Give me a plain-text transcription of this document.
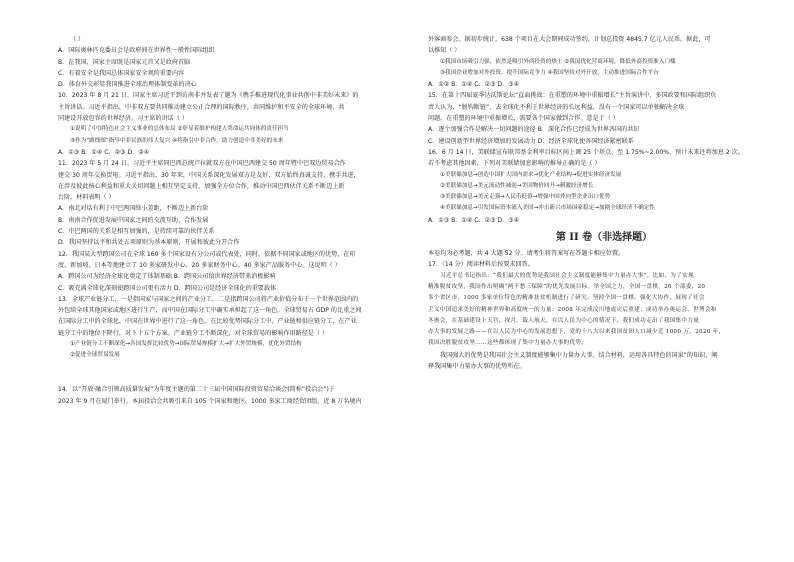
（ ）
A．国际奥林匹克委员会是政府间在世界性一般性国际组织
B．在我国，国家主席既是国家元首又是政府首脑
C．有着安全是我国总体国家安全观的重要内容
D．体育外交彰显我国推进全球治理体制变革的决心
10．2023 年 8 月 21 日，国家主席习近平到访南非并发表了题为《携手推进现代化事业共创中非美好未来》的
主旨讲话。习近平指出，中非双方要共同推动建立公正合理的国际秩序，共同维护和平安全的全球环境，共
同建设开放包容的世界经济。习主席的讲话（ ）
①说明了中国特色社会主义事业的总体布局 ②彰显着维护构建人类命运共同体的责任担当
③作为“路线图”指导中非民族的伟大复兴 ④将指引中非合作，助力创造中非美好的未来
A．①③ B．①④ C．②③ D．②④
11．2023 年 5 月 24 日，习近平主席同巴西总统卢拉就双方在中国巴西建交 50 周年暨中巴双边贸易合作
建交 30 周年交换贺电。习近平指出，30 年来，中国关系深化发展双方是友好，双方始终真诚支持，携手共进，
在涉及彼此核心利益和重大关切问题上相互坚定支持，加强全方位合作，推动中国巴西伙伴关系不断迈上新
台阶。材料表明（ ）
A．南北对话有利于中巴两国缔小差距，不断迈上新台阶
B．南南合作促进发展中国家之间的交流互助、合作发展
C．中巴两国的关系是相互加强的，是持续可靠的伙伴关系
D．我国坚持以平和共处五项原则为基本原则，开展和彼此分开合作
12．我国某大型跨国公司在全球 160 多个国家设有分公司或代表处，同时，依据不同国家或地区的优势，在印
度、新加坡、日本等地建立了 10 多家研发中心、20 多家财务中心、40 多家产品服务中心。这说明（ ）
A．跨国公司为经济全球化奠定了体制基础 B．跨国公司给世界经济带来消极影响
C．吸充满全球化深刻使跨国公司更有活力 D．跨国公司是经济全球化的重要载体
13．全球产业链分工，一是指国家与国家之间的产业分工，二是指跨国公司将产业价值分布于一个世界范围内的
外包给全球其他国家或地区进行生产，而中国在国际分工中确实承担起了这一角色。全球贸易占 GDP 的比重之间
在国际分工中的全球化，中国在世界中进行了这一角色。在比较优势国际分工中，产业链和供应链分工，在产业
链分工中的地位下降行，对下十五个方案。产业链分工不断深化，对全球贸易的影响作用路径是（ ）
①产业链分工不断深化→各国发挥比较优势→国际贸易规模扩大→扩大外贸规模，优化外贸结构
②促进全球贸易发展
14．以“开放·融合引领高质量发展”为年度主题的第二十三届中国国际投资贸易洽谈会(简称“投洽会”)于
2023 年 9 月在厦门举行。本届投洽会共吸引来自 105 个国家和地区，1000 多家工商经贸团组、近 8 万名境内
外客商参会。据初步统计，638 个项目在大会期间成功签约，计划总投资 4845.7 亿元人民币。据此，可
以推知（ ）
①我国市场吸引力强，依然是吸引外商投资的热土 ②我国优化营商环境，降低外商投资准入门槛
③我国企业增加对外投资，提升国际竞争力 ④我国坚持对外开放，主动推进国际合作平台
A．①② B．①④ C．②③ D．③④
15．在第十四届夏季达沃斯论坛“直面挑战：在重塑的环境中重振增长”主旨演讲中，多国政要和国际组织负
责人认为，“脱钩断链”、去全球化不利于世界经济的长远利益，没有一个国家可以单独解决全球
问题。在重塑的环境中重振增长，需要各个国家做到合作。意是于（ ）
A．逐个加强合作是解决一切问题的途径 B．深化合作已经成为世界各国的共识
C．建设创新型世界经济增加的发展动力 D．经济全球化使各国经济紧密联系
16．6 月 14 日，美联储宣布联邦基金利率目标区间上调 25 个基点，至 1.75%~2.00%，预计未来还将加息 2 次。
若不考虑其他因素，下列对美联储加息影响的推导正确的是（ ）
①美联储加息→创造中国扩大国内需求→优化产业结构→促进实体经济发展
②美联储加息→美元流动性减弱→美国物价回升→刺激经济增长
③美联储加息→美元走强→人民币贬值→增强中国外向型企业出口优势
④美联储加息→引发国际资本流入美国→冲击新兴市场国家稳定→加剧全球经济不确定性
A．①③ B．①④ C．②③ D．③④
第 II 卷（非选择题）
本卷均为必考题，共 4 大题 52 分。请考生将答案写在答题卡相应位置。
17．（14 分）阅读材料后按要求回答。
习近平总书记指出：“我们最大的优势是我国社会主义制度能够集中力量办大事”。比如，为了实现
精准脱贫攻坚，我国作出明确“两不愁三保障”的优先发展目标。举全国之力，全国一盘棋，26 个部委，20
多个省区市，1000 多家单位特色的精准扶贫机制进行了研究。坚持全国一盘棋，强化大协作，展现了社会
主义中国追求美好的精神世界和高度统一的力量：2008 年完成汶川地震灾后重建；成功举办奥运会、世博会和
冬奥会，在基础建设上天宫、探月、载人航天，在以人民为中心的情况下，我们成功走出了我国集中力量
办大事的发展之路——在以人民为中心的发展思想下，党的十八大以来我国贫困人口减少近 1000 万。2020 年，
我国决胜脱贫攻坚……这些都体现了集中力量办大事的优势。
我国强大的优势是我国社会主义制度能够集中力量办大事。结合材料，运用各具特色的国家”的知识，阐
释我国集中力量办大事的优势所在。
